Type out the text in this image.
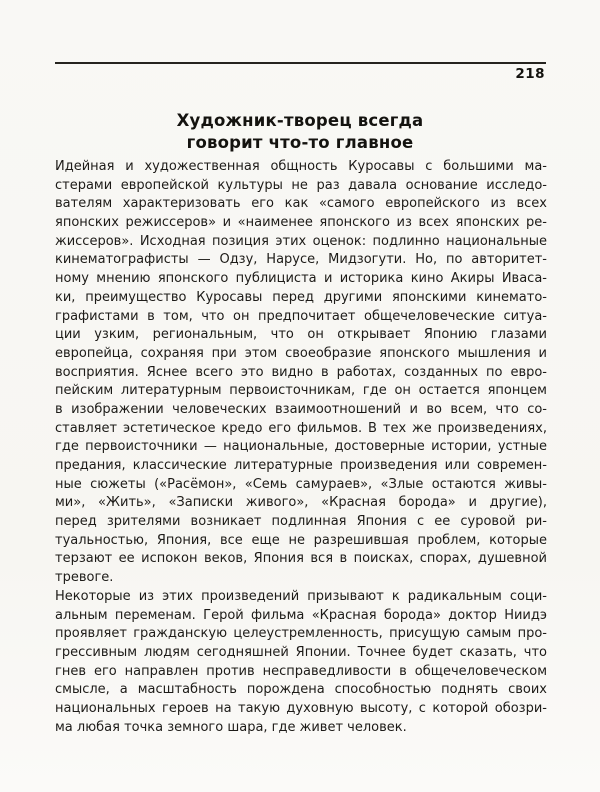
218
Художник-творец всегда
говорит что-то главное
Идейная и художественная общность Куросавы с большими ма-
стерами европейской культуры не раз давала основание исследо-
вателям характеризовать его как «самого европейского из всех
японских режиссеров» и «наименее японского из всех японских ре-
жиссеров». Исходная позиция этих оценок: подлинно национальные
кинематографисты — Одзу, Нарусе, Мидзогути. Но, по авторитет-
ному мнению японского публициста и историка кино Акиры Иваса-
ки, преимущество Куросавы перед другими японскими кинемато-
графистами в том, что он предпочитает общечеловеческие ситуа-
ции узким, региональным, что он открывает Японию глазами
европейца, сохраняя при этом своеобразие японского мышления и
восприятия. Яснее всего это видно в работах, созданных по евро-
пейским литературным первоисточникам, где он остается японцем
в изображении человеческих взаимоотношений и во всем, что со-
ставляет эстетическое кредо его фильмов. В тех же произведениях,
где первоисточники — национальные, достоверные истории, устные
предания, классические литературные произведения или современ-
ные сюжеты («Расёмон», «Семь самураев», «Злые остаются живы-
ми», «Жить», «Записки живого», «Красная борода» и другие),
перед зрителями возникает подлинная Япония с ее суровой ри-
туальностью, Япония, все еще не разрешившая проблем, которые
терзают ее испокон веков, Япония вся в поисках, спорах, душевной
тревоге.
Некоторые из этих произведений призывают к радикальным соци-
альным переменам. Герой фильма «Красная борода» доктор Ниидэ
проявляет гражданскую целеустремленность, присущую самым про-
грессивным людям сегодняшней Японии. Точнее будет сказать, что
гнев его направлен против несправедливости в общечеловеческом
смысле, а масштабность порождена способностью поднять своих
национальных героев на такую духовную высоту, с которой обозри-
ма любая точка земного шара, где живет человек.
